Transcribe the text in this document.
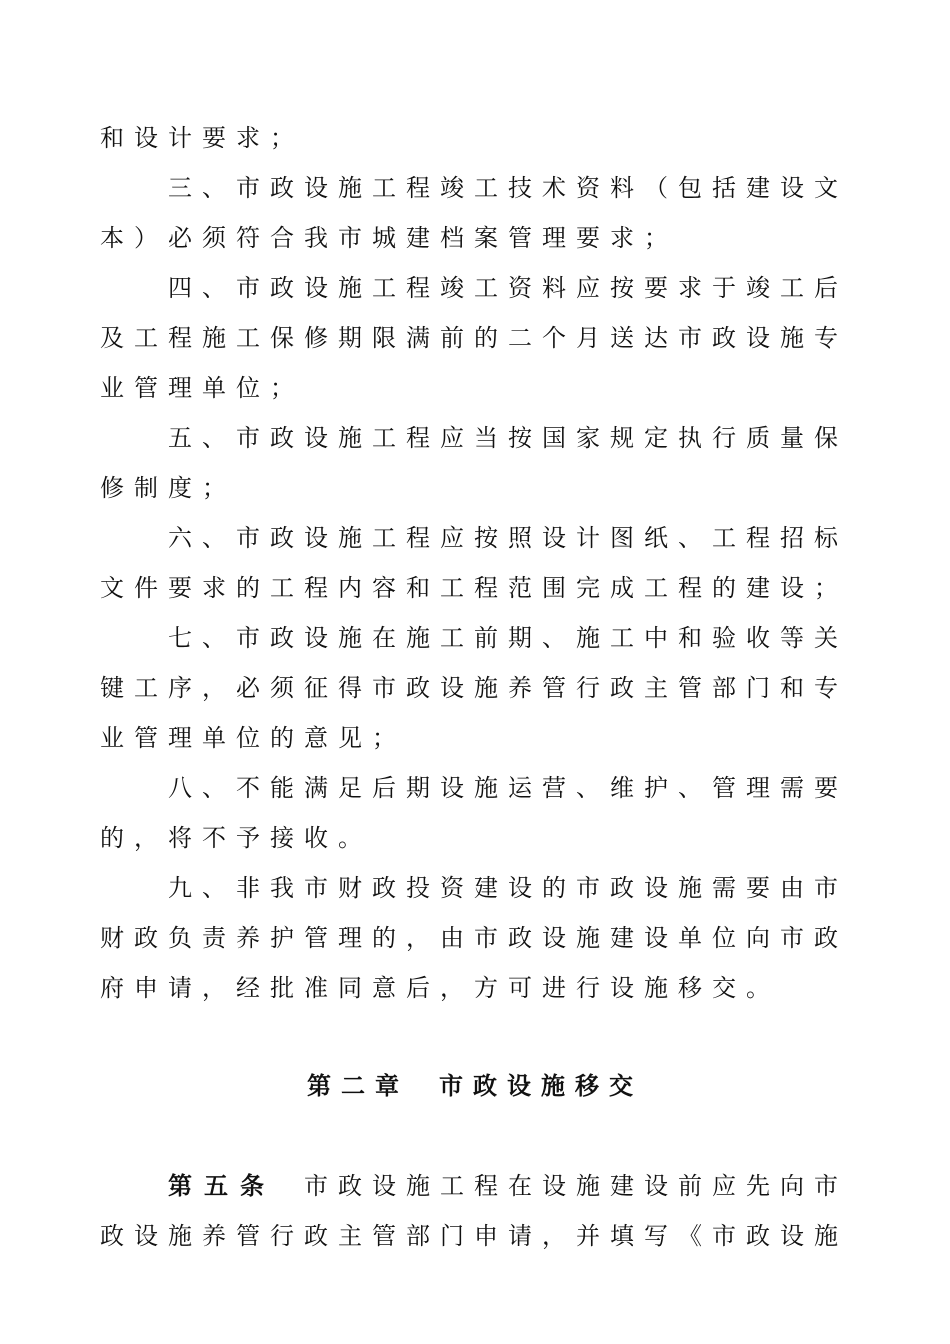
和设计要求；
三、市政设施工程竣工技术资料（包括建设文
本）必须符合我市城建档案管理要求；
四、市政设施工程竣工资料应按要求于竣工后
及工程施工保修期限满前的二个月送达市政设施专
业管理单位；
五、市政设施工程应当按国家规定执行质量保
修制度；
六、市政设施工程应按照设计图纸、工程招标
文件要求的工程内容和工程范围完成工程的建设；
七、市政设施在施工前期、施工中和验收等关
键工序，必须征得市政设施养管行政主管部门和专
业管理单位的意见；
八、不能满足后期设施运营、维护、管理需要
的，将不予接收。
九、非我市财政投资建设的市政设施需要由市
财政负责养护管理的，由市政设施建设单位向市政
府申请，经批准同意后，方可进行设施移交。
第二章 市政设施移交
第五条 市政设施工程在设施建设前应先向市
政设施养管行政主管部门申请，并填写《市政设施
